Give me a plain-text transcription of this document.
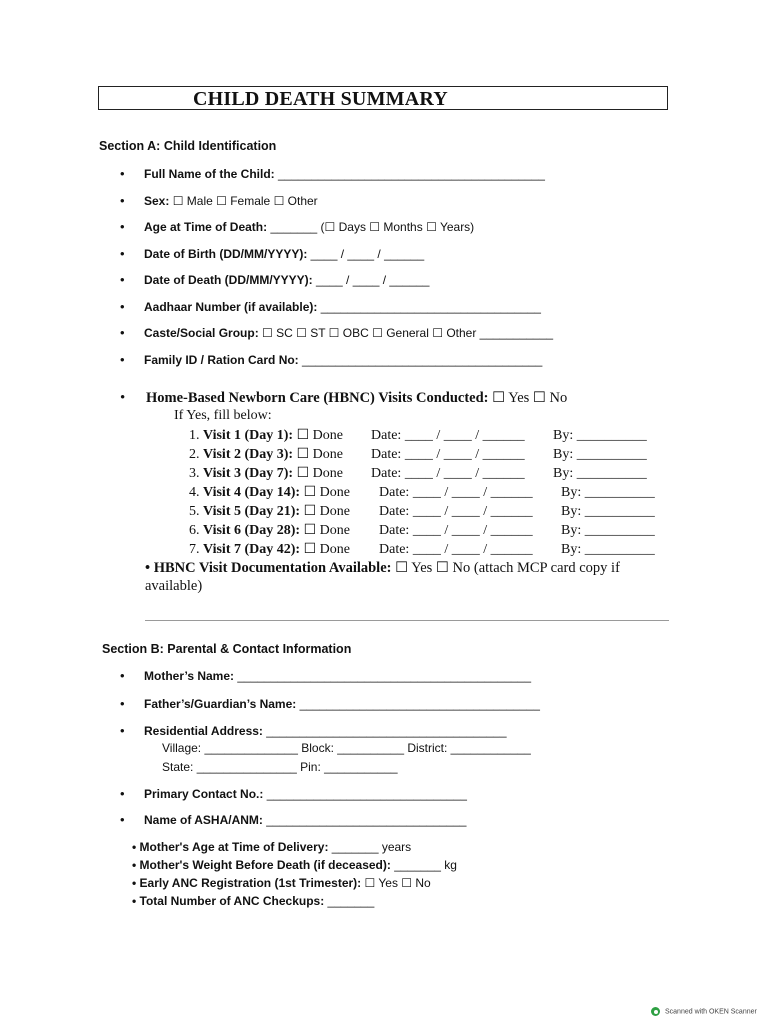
CHILD DEATH SUMMARY
Section A: Child Identification
• Full Name of the Child: ________________________________________
• Sex: ☐ Male ☐ Female ☐ Other
• Age at Time of Death: _______ (☐ Days ☐ Months ☐ Years)
• Date of Birth (DD/MM/YYYY): ____ / ____ / ______
• Date of Death (DD/MM/YYYY): ____ / ____ / ______
• Aadhaar Number (if available): _________________________________
• Caste/Social Group: ☐ SC ☐ ST ☐ OBC ☐ General ☐ Other ___________
• Family ID / Ration Card No: ____________________________________
• Home-Based Newborn Care (HBNC) Visits Conducted: ☐ Yes ☐ No
If Yes, fill below:
1. Visit 1 (Day 1): ☐ Done Date: ____ / ____ / ______ By: __________
2. Visit 2 (Day 3): ☐ Done Date: ____ / ____ / ______ By: __________
3. Visit 3 (Day 7): ☐ Done Date: ____ / ____ / ______ By: __________
4. Visit 4 (Day 14): ☐ Done Date: ____ / ____ / ______ By: __________
5. Visit 5 (Day 21): ☐ Done Date: ____ / ____ / ______ By: __________
6. Visit 6 (Day 28): ☐ Done Date: ____ / ____ / ______ By: __________
7. Visit 7 (Day 42): ☐ Done Date: ____ / ____ / ______ By: __________
• HBNC Visit Documentation Available: ☐ Yes ☐ No (attach MCP card copy if available)
Section B: Parental & Contact Information
• Mother’s Name: ____________________________________________
• Father’s/Guardian’s Name: ____________________________________
• Residential Address: ____________________________________
Village: ______________ Block: __________ District: ____________
State: _______________ Pin: ___________
• Primary Contact No.: ______________________________
• Name of ASHA/ANM: ______________________________
• Mother's Age at Time of Delivery: _______ years
• Mother's Weight Before Death (if deceased): _______ kg
• Early ANC Registration (1st Trimester): ☐ Yes ☐ No
• Total Number of ANC Checkups: _______
Scanned with OKEN Scanner
